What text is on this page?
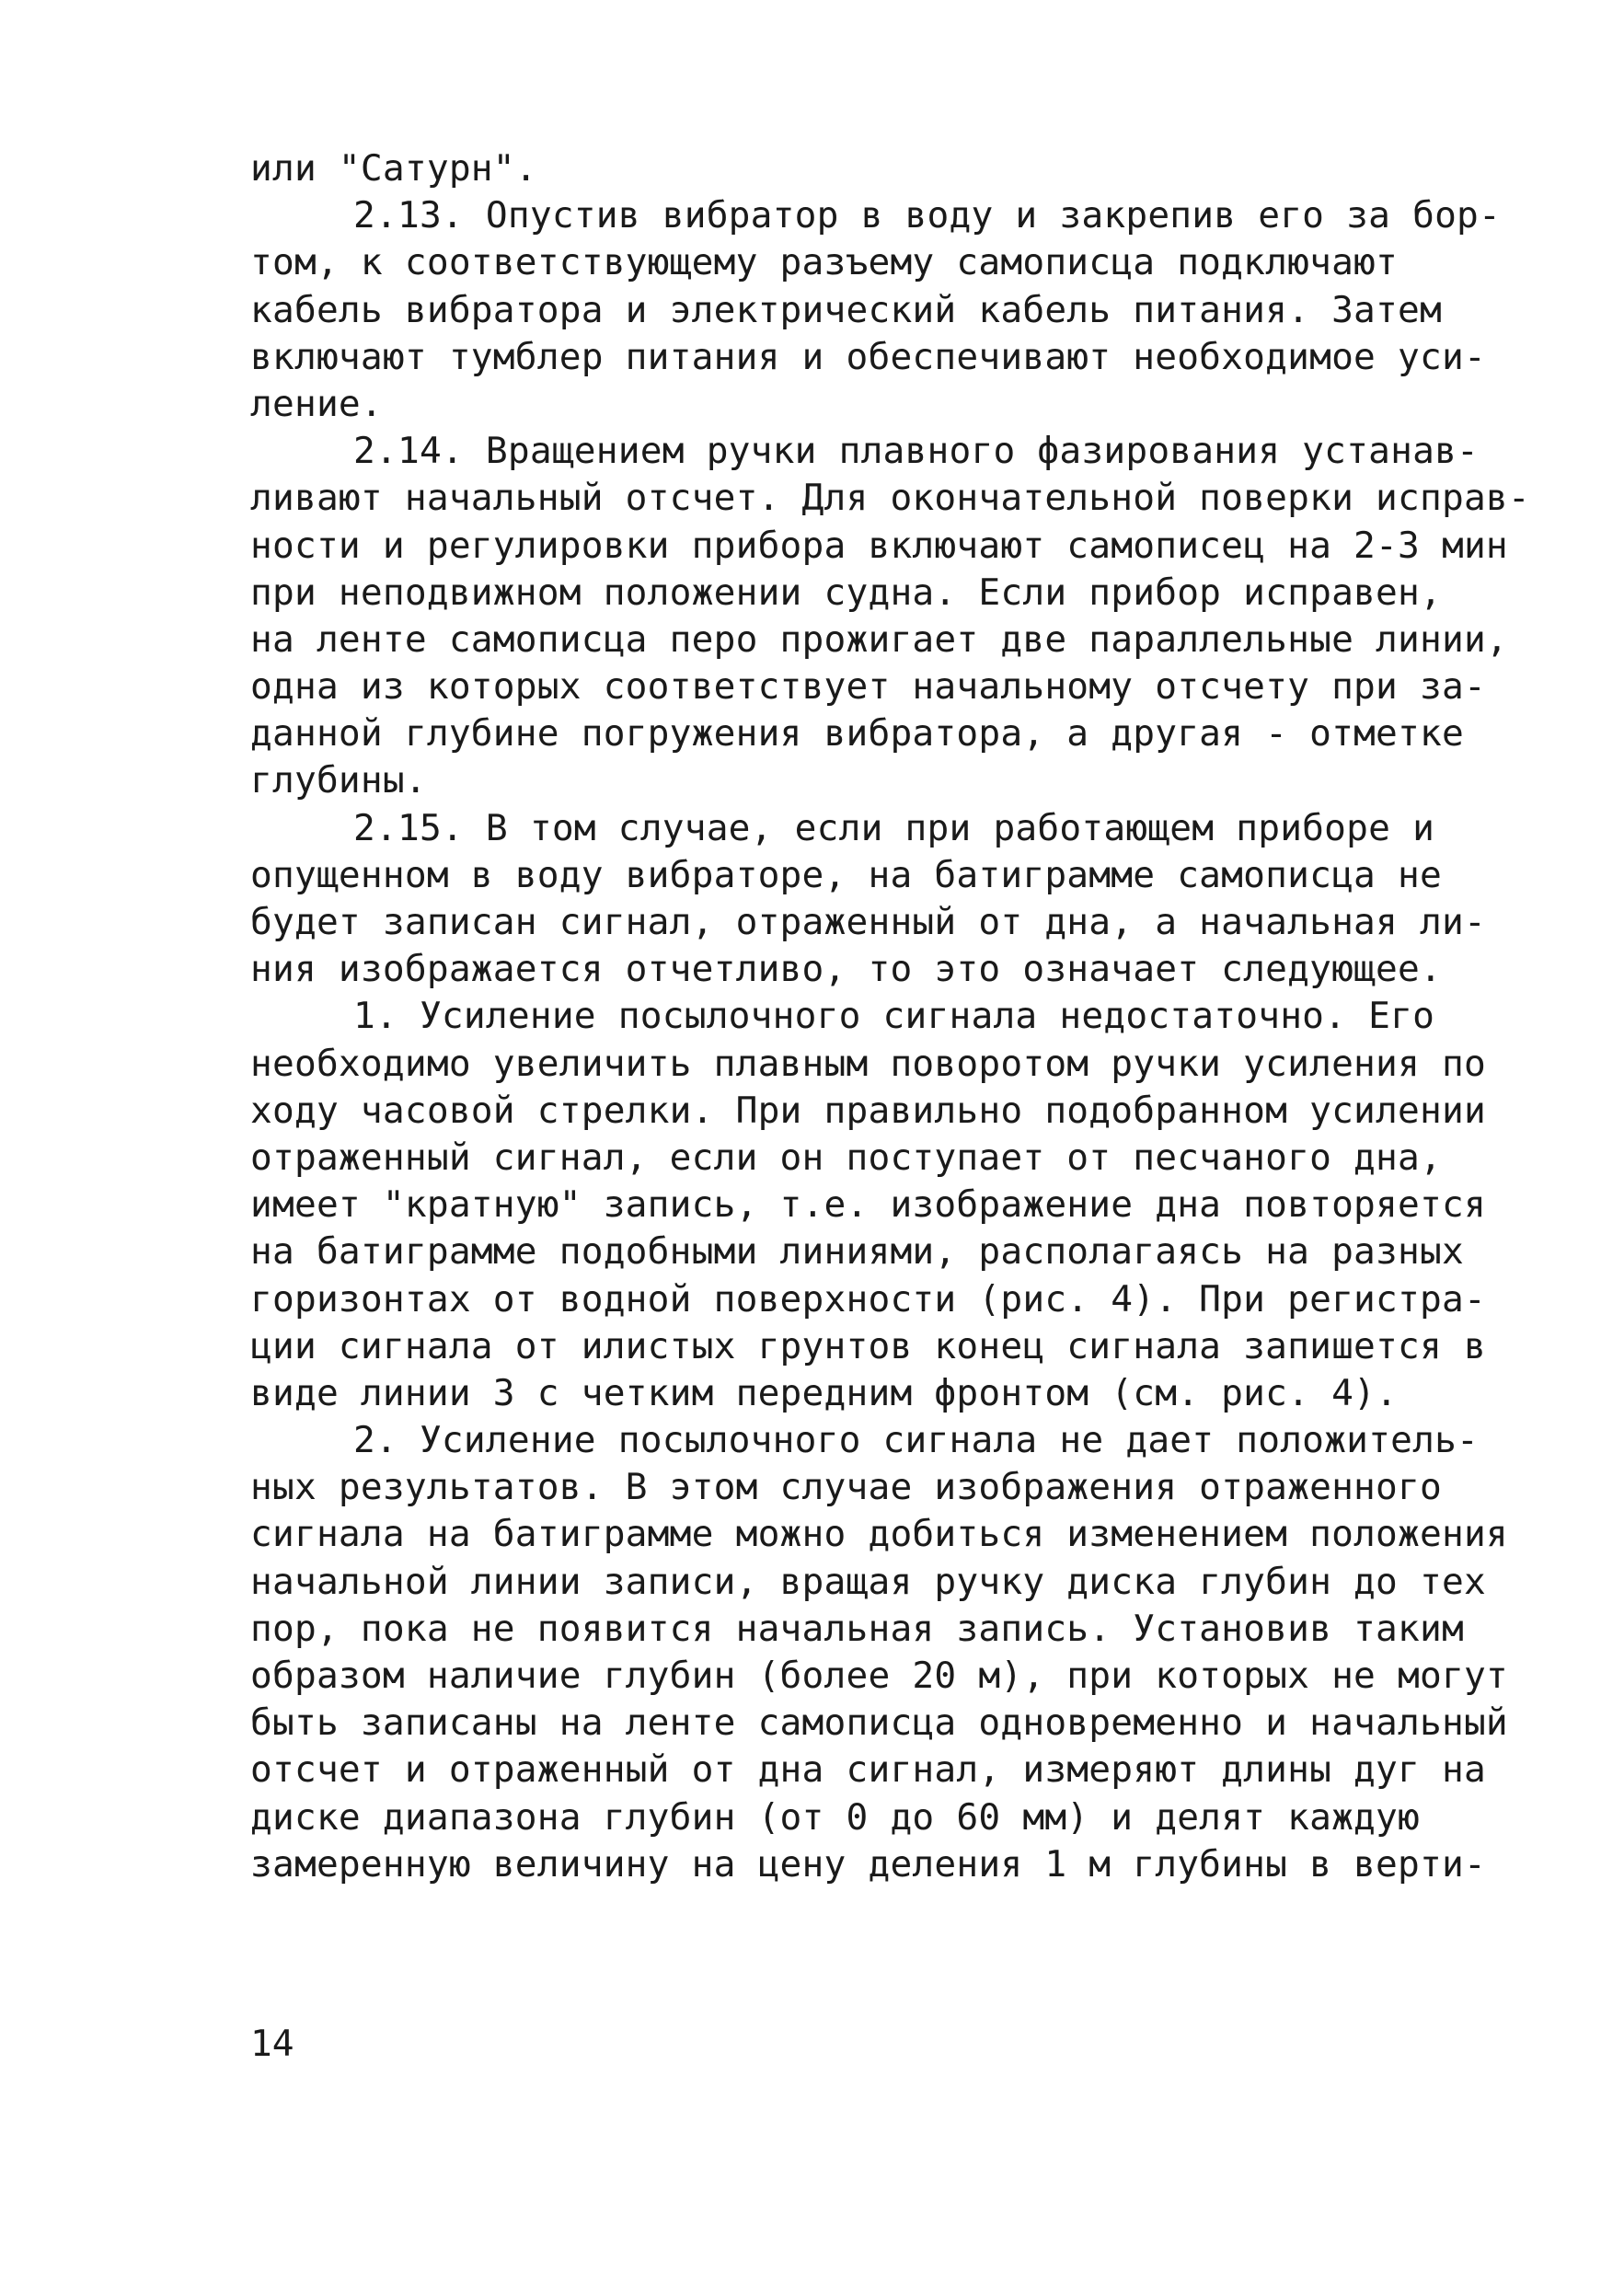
или "Сатурн".
2.13. Опустив вибратор в воду и закрепив его за бор-
том, к соответствующему разъему самописца подключают
кабель вибратора и электрический кабель питания. Затем
включают тумблер питания и обеспечивают необходимое уси-
ление.
2.14. Вращением ручки плавного фазирования устанав-
ливают начальный отсчет. Для окончательной поверки исправ-
ности и регулировки прибора включают самописец на 2-3 мин
при неподвижном положении судна. Если прибор исправен,
на ленте самописца перо прожигает две параллельные линии,
одна из которых соответствует начальному отсчету при за-
данной глубине погружения вибратора, а другая - отметке
глубины.
2.15. В том случае, если при работающем приборе и
опущенном в воду вибраторе, на батиграмме самописца не
будет записан сигнал, отраженный от дна, а начальная ли-
ния изображается отчетливо, то это означает следующее.
1. Усиление посылочного сигнала недостаточно. Его
необходимо увеличить плавным поворотом ручки усиления по
ходу часовой стрелки. При правильно подобранном усилении
отраженный сигнал, если он поступает от песчаного дна,
имеет "кратную" запись, т.е. изображение дна повторяется
на батиграмме подобными линиями, располагаясь на разных
горизонтах от водной поверхности (рис. 4). При регистра-
ции сигнала от илистых грунтов конец сигнала запишется в
виде линии 3 с четким передним фронтом (см. рис. 4).
2. Усиление посылочного сигнала не дает положитель-
ных результатов. В этом случае изображения отраженного
сигнала на батиграмме можно добиться изменением положения
начальной линии записи, вращая ручку диска глубин до тех
пор, пока не появится начальная запись. Установив таким
образом наличие глубин (более 20 м), при которых не могут
быть записаны на ленте самописца одновременно и начальный
отсчет и отраженный от дна сигнал, измеряют длины дуг на
диске диапазона глубин (от 0 до 60 мм) и делят каждую
замеренную величину на цену деления 1 м глубины в верти-
14
